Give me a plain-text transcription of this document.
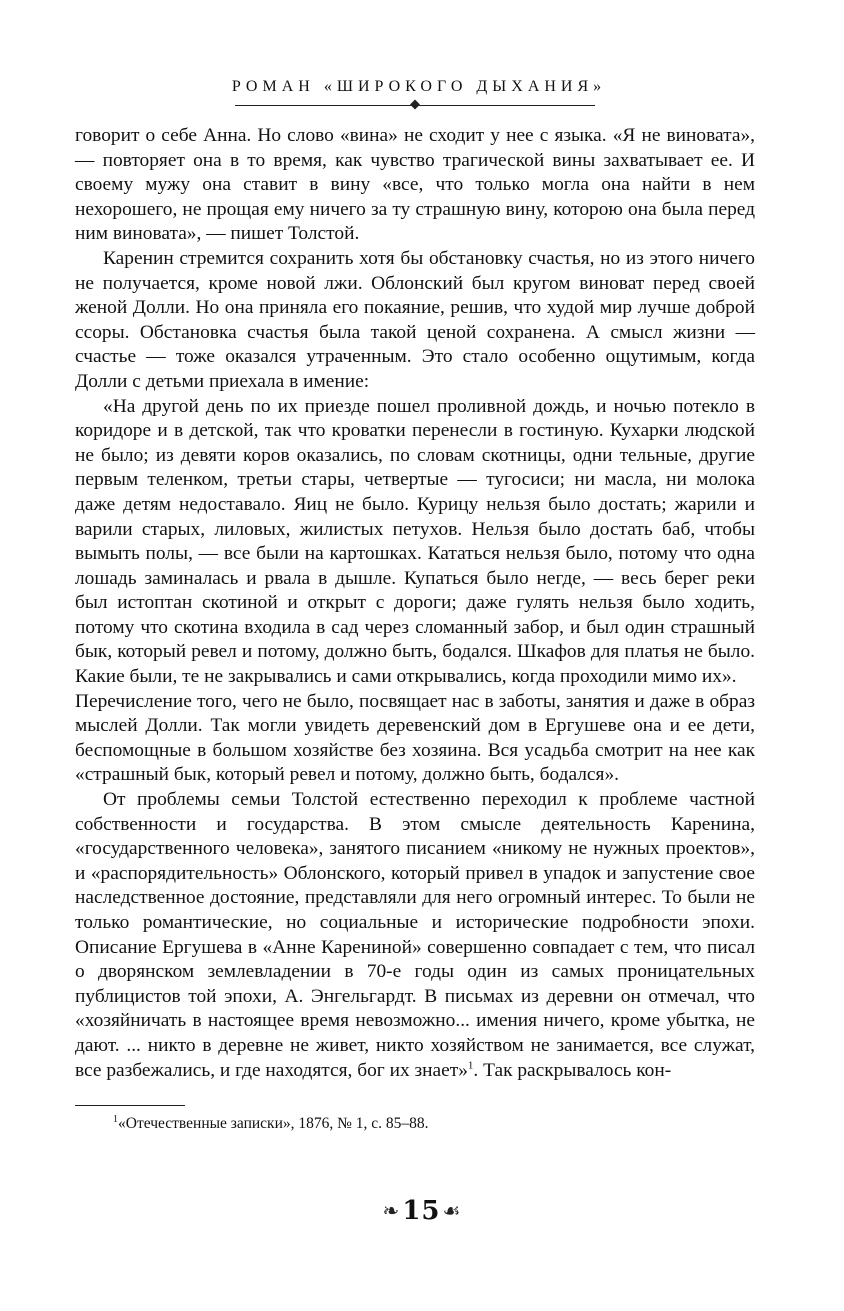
РОМАН «ШИРОКОГО ДЫХАНИЯ»

говорит о себе Анна. Но слово «вина» не сходит у нее с языка. «Я не виновата», — повторяет она в то время, как чувство трагической вины захватывает ее. И своему мужу она ставит в вину «все, что только могла она найти в нем нехорошего, не прощая ему ничего за ту страшную вину, которою она была перед ним виновата», — пишет Толстой.

Каренин стремится сохранить хотя бы обстановку счастья, но из этого ничего не получается, кроме новой лжи. Облонский был кругом виноват перед своей женой Долли. Но она приняла его покаяние, решив, что худой мир лучше доброй ссоры. Обстановка счастья была такой ценой сохранена. А смысл жизни — счастье — тоже оказался утраченным. Это стало особенно ощутимым, когда Долли с детьми приехала в имение:

«На другой день по их приезде пошел проливной дождь, и ночью потекло в коридоре и в детской, так что кроватки перенесли в гостиную. Кухарки людской не было; из девяти коров оказались, по словам скотницы, одни тельные, другие первым теленком, третьи стары, четвертые — тугосиси; ни масла, ни молока даже детям недоставало. Яиц не было. Курицу нельзя было достать; жарили и варили старых, лиловых, жилистых петухов. Нельзя было достать баб, чтобы вымыть полы, — все были на картошках. Кататься нельзя было, потому что одна лошадь заминалась и рвала в дышле. Купаться было негде, — весь берег реки был истоптан скотиной и открыт с дороги; даже гулять нельзя было ходить, потому что скотина входила в сад через сломанный забор, и был один страшный бык, который ревел и потому, должно быть, бодался. Шкафов для платья не было. Какие были, те не закрывались и сами открывались, когда проходили мимо их».

Перечисление того, чего не было, посвящает нас в заботы, занятия и даже в образ мыслей Долли. Так могли увидеть деревенский дом в Ергушеве она и ее дети, беспомощные в большом хозяйстве без хозяина. Вся усадьба смотрит на нее как «страшный бык, который ревел и потому, должно быть, бодался».

От проблемы семьи Толстой естественно переходил к проблеме частной собственности и государства. В этом смысле деятельность Каренина, «государственного человека», занятого писанием «никому не нужных проектов», и «распорядительность» Облонского, который привел в упадок и запустение свое наследственное достояние, представляли для него огромный интерес. То были не только романтические, но социальные и исторические подробности эпохи. Описание Ергушева в «Анне Карениной» совершенно совпадает с тем, что писал о дворянском землевладении в 70-е годы один из самых проницательных публицистов той эпохи, А. Энгельгардт. В письмах из деревни он отмечал, что «хозяйничать в настоящее время невозможно... имения ничего, кроме убытка, не дают. ... никто в деревне не живет, никто хозяйством не занимается, все служат, все разбежались, и где находятся, бог их знает»$^1$. Так раскрывалось кон-

$^1$«Отечественные записки», 1876, № 1, с. 85–88.
❧15 ☙
